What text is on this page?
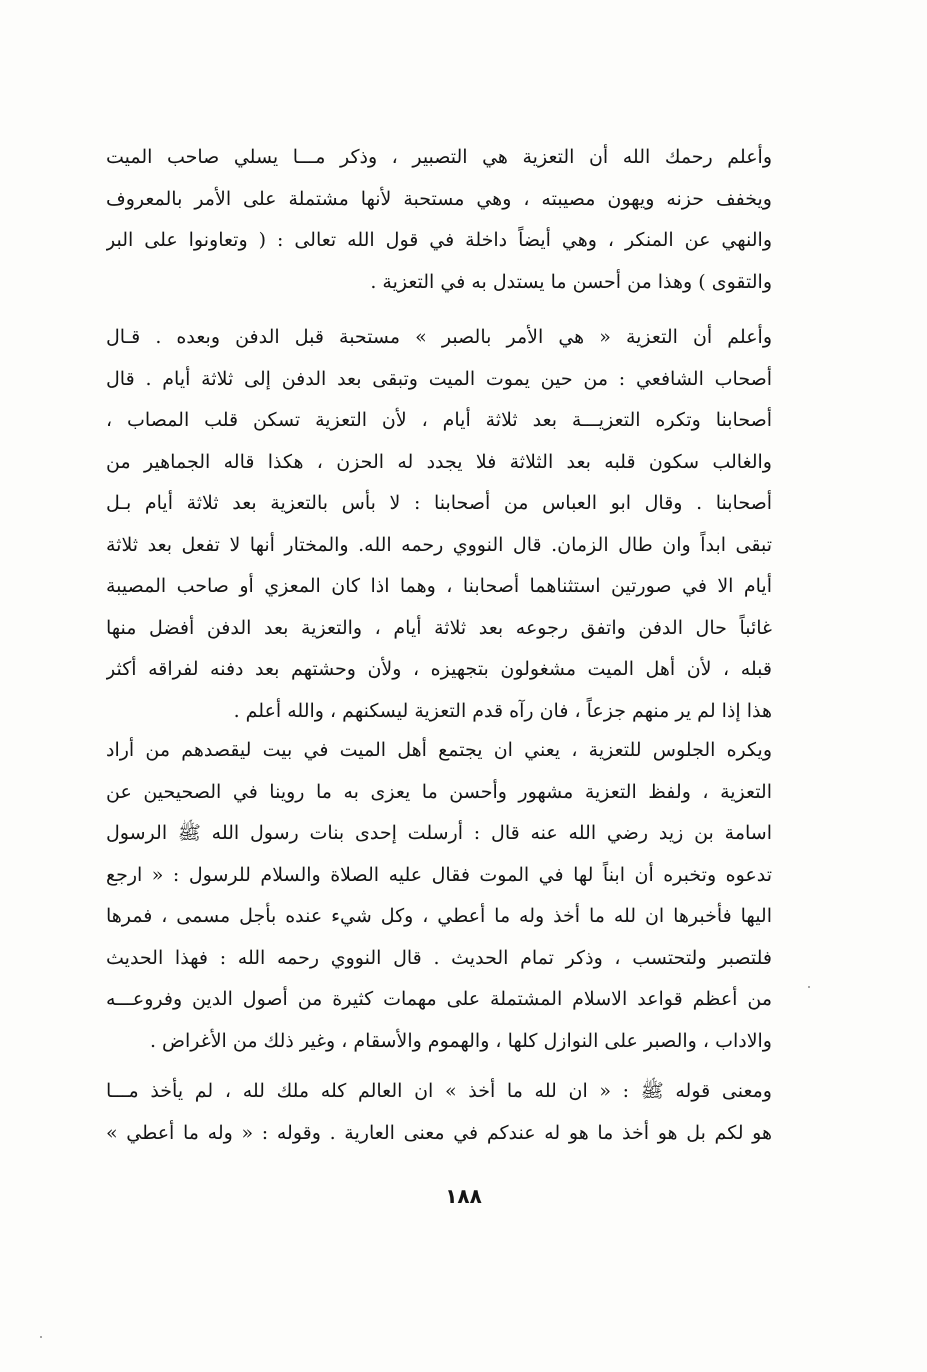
وأعلم رحمك الله أن التعزية هي التصبير ، وذكر مـــا يسلي صاحب الميت
ويخفف حزنه ويهون مصيبته ، وهي مستحبة لأنها مشتملة على الأمر بالمعروف
والنهي عن المنكر ، وهي أيضاً داخلة في قول الله تعالى : ( وتعاونوا على البر
والتقوى ) وهذا من أحسن ما يستدل به في التعزية .

وأعلم أن التعزية « هي الأمر بالصبر » مستحبة قبل الدفن وبعده . قـال
أصحاب الشافعي : من حين يموت الميت وتبقى بعد الدفن إلى ثلاثة أيام . قال
أصحابنا وتكره التعزيـــة بعد ثلاثة أيام ، لأن التعزية تسكن قلب المصاب ،
والغالب سكون قلبه بعد الثلاثة فلا يجدد له الحزن ، هكذا قاله الجماهير من
أصحابنا . وقال ابو العباس من أصحابنا : لا بأس بالتعزية بعد ثلاثة أيام بـل
تبقى ابداً وان طال الزمان. قال النووي رحمه الله. والمختار أنها لا تفعل بعد ثلاثة
أيام الا في صورتين استثناهما أصحابنا ، وهما اذا كان المعزي أو صاحب المصيبة
غائباً حال الدفن واتفق رجوعه بعد ثلاثة أيام ، والتعزية بعد الدفن أفضل منها
قبله ، لأن أهل الميت مشغولون بتجهيزه ، ولأن وحشتهم بعد دفنه لفراقه أكثر
هذا إذا لم ير منهم جزعاً ، فان رآه قدم التعزية ليسكنهم ، والله أعلم .

ويكره الجلوس للتعزية ، يعني ان يجتمع أهل الميت في بيت ليقصدهم من أراد
التعزية ، ولفظ التعزية مشهور وأحسن ما يعزى به ما روينا في الصحيحين عن
اسامة بن زيد رضي الله عنه قال : أرسلت إحدى بنات رسول الله ﷺ الرسول
تدعوه وتخبره أن ابناً لها في الموت فقال عليه الصلاة والسلام للرسول : « ارجع
اليها فأخبرها ان لله ما أخذ وله ما أعطي ، وكل شيء عنده بأجل مسمى ، فمرها
فلتصبر ولتحتسب ، وذكر تمام الحديث . قال النووي رحمه الله : فهذا الحديث
من أعظم قواعد الاسلام المشتملة على مهمات كثيرة من أصول الدين وفروعـــه
والاداب ، والصبر على النوازل كلها ، والهموم والأسقام ، وغير ذلك من الأغراض .

ومعنى قوله ﷺ : « ان لله ما أخذ » ان العالم كله ملك لله ، لم يأخذ مـــا
هو لكم بل هو أخذ ما هو له عندكم في معنى العارية . وقوله : « وله ما أعطي »

١٨٨
